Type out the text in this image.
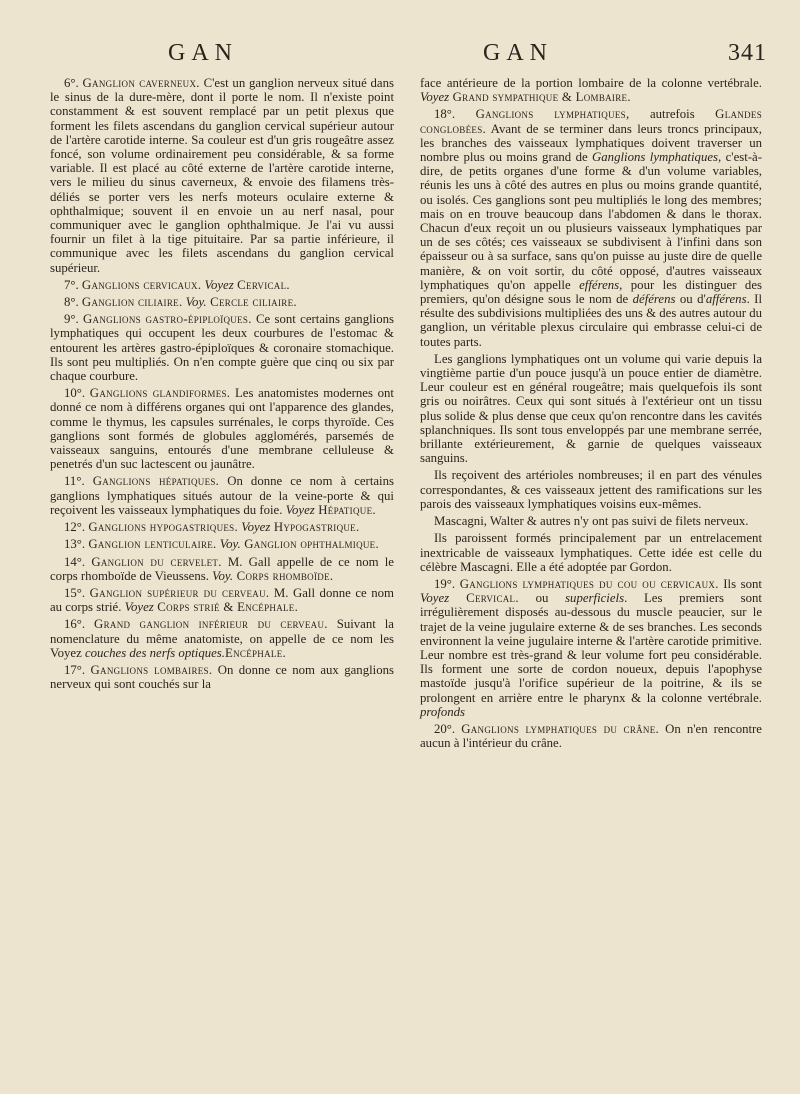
GAN	GAN	341

6°. Ganglion caverneux. C'est un ganglion nerveux situé dans le sinus de la dure-mère, dont il porte le nom. Il n'existe point constamment & est souvent remplacé par un petit plexus que forment les filets ascendans du ganglion cervical supérieur autour de l'artère carotide interne. Sa couleur est d'un gris rougeâtre assez foncé, son volume ordinairement peu considérable, & sa forme variable. Il est placé au côté externe de l'artère carotide interne, vers le milieu du sinus caverneux, & envoie des filamens très-déliés se porter vers les nerfs moteurs oculaire externe & ophthalmique; souvent il en envoie un au nerf nasal, pour communiquer avec le ganglion ophthalmique. Je l'ai vu aussi fournir un filet à la tige pituitaire. Par sa partie inférieure, il communique avec les filets ascendans du ganglion cervical supérieur.

7°. Ganglions cervicaux. Voyez Cervical.

8°. Ganglion ciliaire. Voy. Cercle ciliaire.

9°. Ganglions gastro-épiploïques. Ce sont certains ganglions lymphatiques qui occupent les deux courbures de l'estomac & entourent les artères gastro-épiploïques & coronaire stomachique. Ils sont peu multipliés. On n'en compte guère que cinq ou six par chaque courbure.

10°. Ganglions glandiformes. Les anatomistes modernes ont donné ce nom à différens organes qui ont l'apparence des glandes, comme le thymus, les capsules surrénales, le corps thyroïde. Ces ganglions sont formés de globules agglomérés, parsemés de vaisseaux sanguins, entourés d'une membrane celluleuse & penetrés d'un suc lactescent ou jaunâtre.

11°. Ganglions hépatiques. On donne ce nom à certains ganglions lymphatiques situés autour de la veine-porte & qui reçoivent les vaisseaux lymphatiques du foie. Voyez Hépatique.

12°. Ganglions hypogastriques. Voyez Hypogastrique.

13°. Ganglion lenticulaire. Voy. Ganglion ophthalmique.

14°. Ganglion du cervelet. M. Gall appelle de ce nom le corps rhomboïde de Vieussens. Voy. Corps rhomboïde.

15°. Ganglion supérieur du cerveau. M. Gall donne ce nom au corps strié. Voyez Corps strié & Encéphale.

16°. Grand ganglion inférieur du cerveau. Suivant la nomenclature du même anatomiste, on appelle de ce nom les Voyez couches des nerfs optiques.Encéphale.

17°. Ganglions lombaires. On donne ce nom aux ganglions nerveux qui sont couchés sur la

face antérieure de la portion lombaire de la colonne vertébrale. Voyez Grand sympathique & Lombaire.

18°. Ganglions lymphatiques, autrefois Glandes conglobées. Avant de se terminer dans leurs troncs principaux, les branches des vaisseaux lymphatiques doivent traverser un nombre plus ou moins grand de Ganglions lymphatiques, c'est-à-dire, de petits organes d'une forme & d'un volume variables, réunis les uns à côté des autres en plus ou moins grande quantité, ou isolés. Ces ganglions sont peu multipliés le long des membres; mais on en trouve beaucoup dans l'abdomen & dans le thorax. Chacun d'eux reçoit un ou plusieurs vaisseaux lymphatiques par un de ses côtés; ces vaisseaux se subdivisent à l'infini dans son épaisseur ou à sa surface, sans qu'on puisse au juste dire de quelle manière, & on voit sortir, du côté opposé, d'autres vaisseaux lymphatiques qu'on appelle efférens, pour les distinguer des premiers, qu'on désigne sous le nom de déférens ou d'afférens. Il résulte des subdivisions multipliées des uns & des autres autour du ganglion, un véritable plexus circulaire qui embrasse celui-ci de toutes parts.

Les ganglions lymphatiques ont un volume qui varie depuis la vingtième partie d'un pouce jusqu'à un pouce entier de diamètre. Leur couleur est en général rougeâtre; mais quelquefois ils sont gris ou noirâtres. Ceux qui sont situés à l'extérieur ont un tissu plus solide & plus dense que ceux qu'on rencontre dans les cavités splanchniques. Ils sont tous enveloppés par une membrane serrée, brillante extérieurement, & garnie de quelques vaisseaux sanguins.

Ils reçoivent des artérioles nombreuses; il en part des vénules correspondantes, & ces vaisseaux jettent des ramifications sur les parois des vaisseaux lymphatiques voisins eux-mêmes.

Mascagni, Walter & autres n'y ont pas suivi de filets nerveux.

Ils paroissent formés principalement par un entrelacement inextricable de vaisseaux lymphatiques. Cette idée est celle du célèbre Mascagni. Elle a été adoptée par Gordon.

19°. Ganglions lymphatiques du cou ou cervicaux. Ils sont Voyez Cervical. ou superficiels. Les premiers sont irrégulièrement disposés au-dessous du muscle peaucier, sur le trajet de la veine jugulaire externe & de ses branches. Les seconds environnent la veine jugulaire interne & l'artère carotide primitive. Leur nombre est très-grand & leur volume fort peu considérable. Ils forment une sorte de cordon noueux, depuis l'apophyse mastoïde jusqu'à l'orifice supérieur de la poitrine, & ils se prolongent en arrière entre le pharynx & la colonne vertébrale. profonds

20°. Ganglions lymphatiques du crâne. On n'en rencontre aucun à l'intérieur du crâne.
